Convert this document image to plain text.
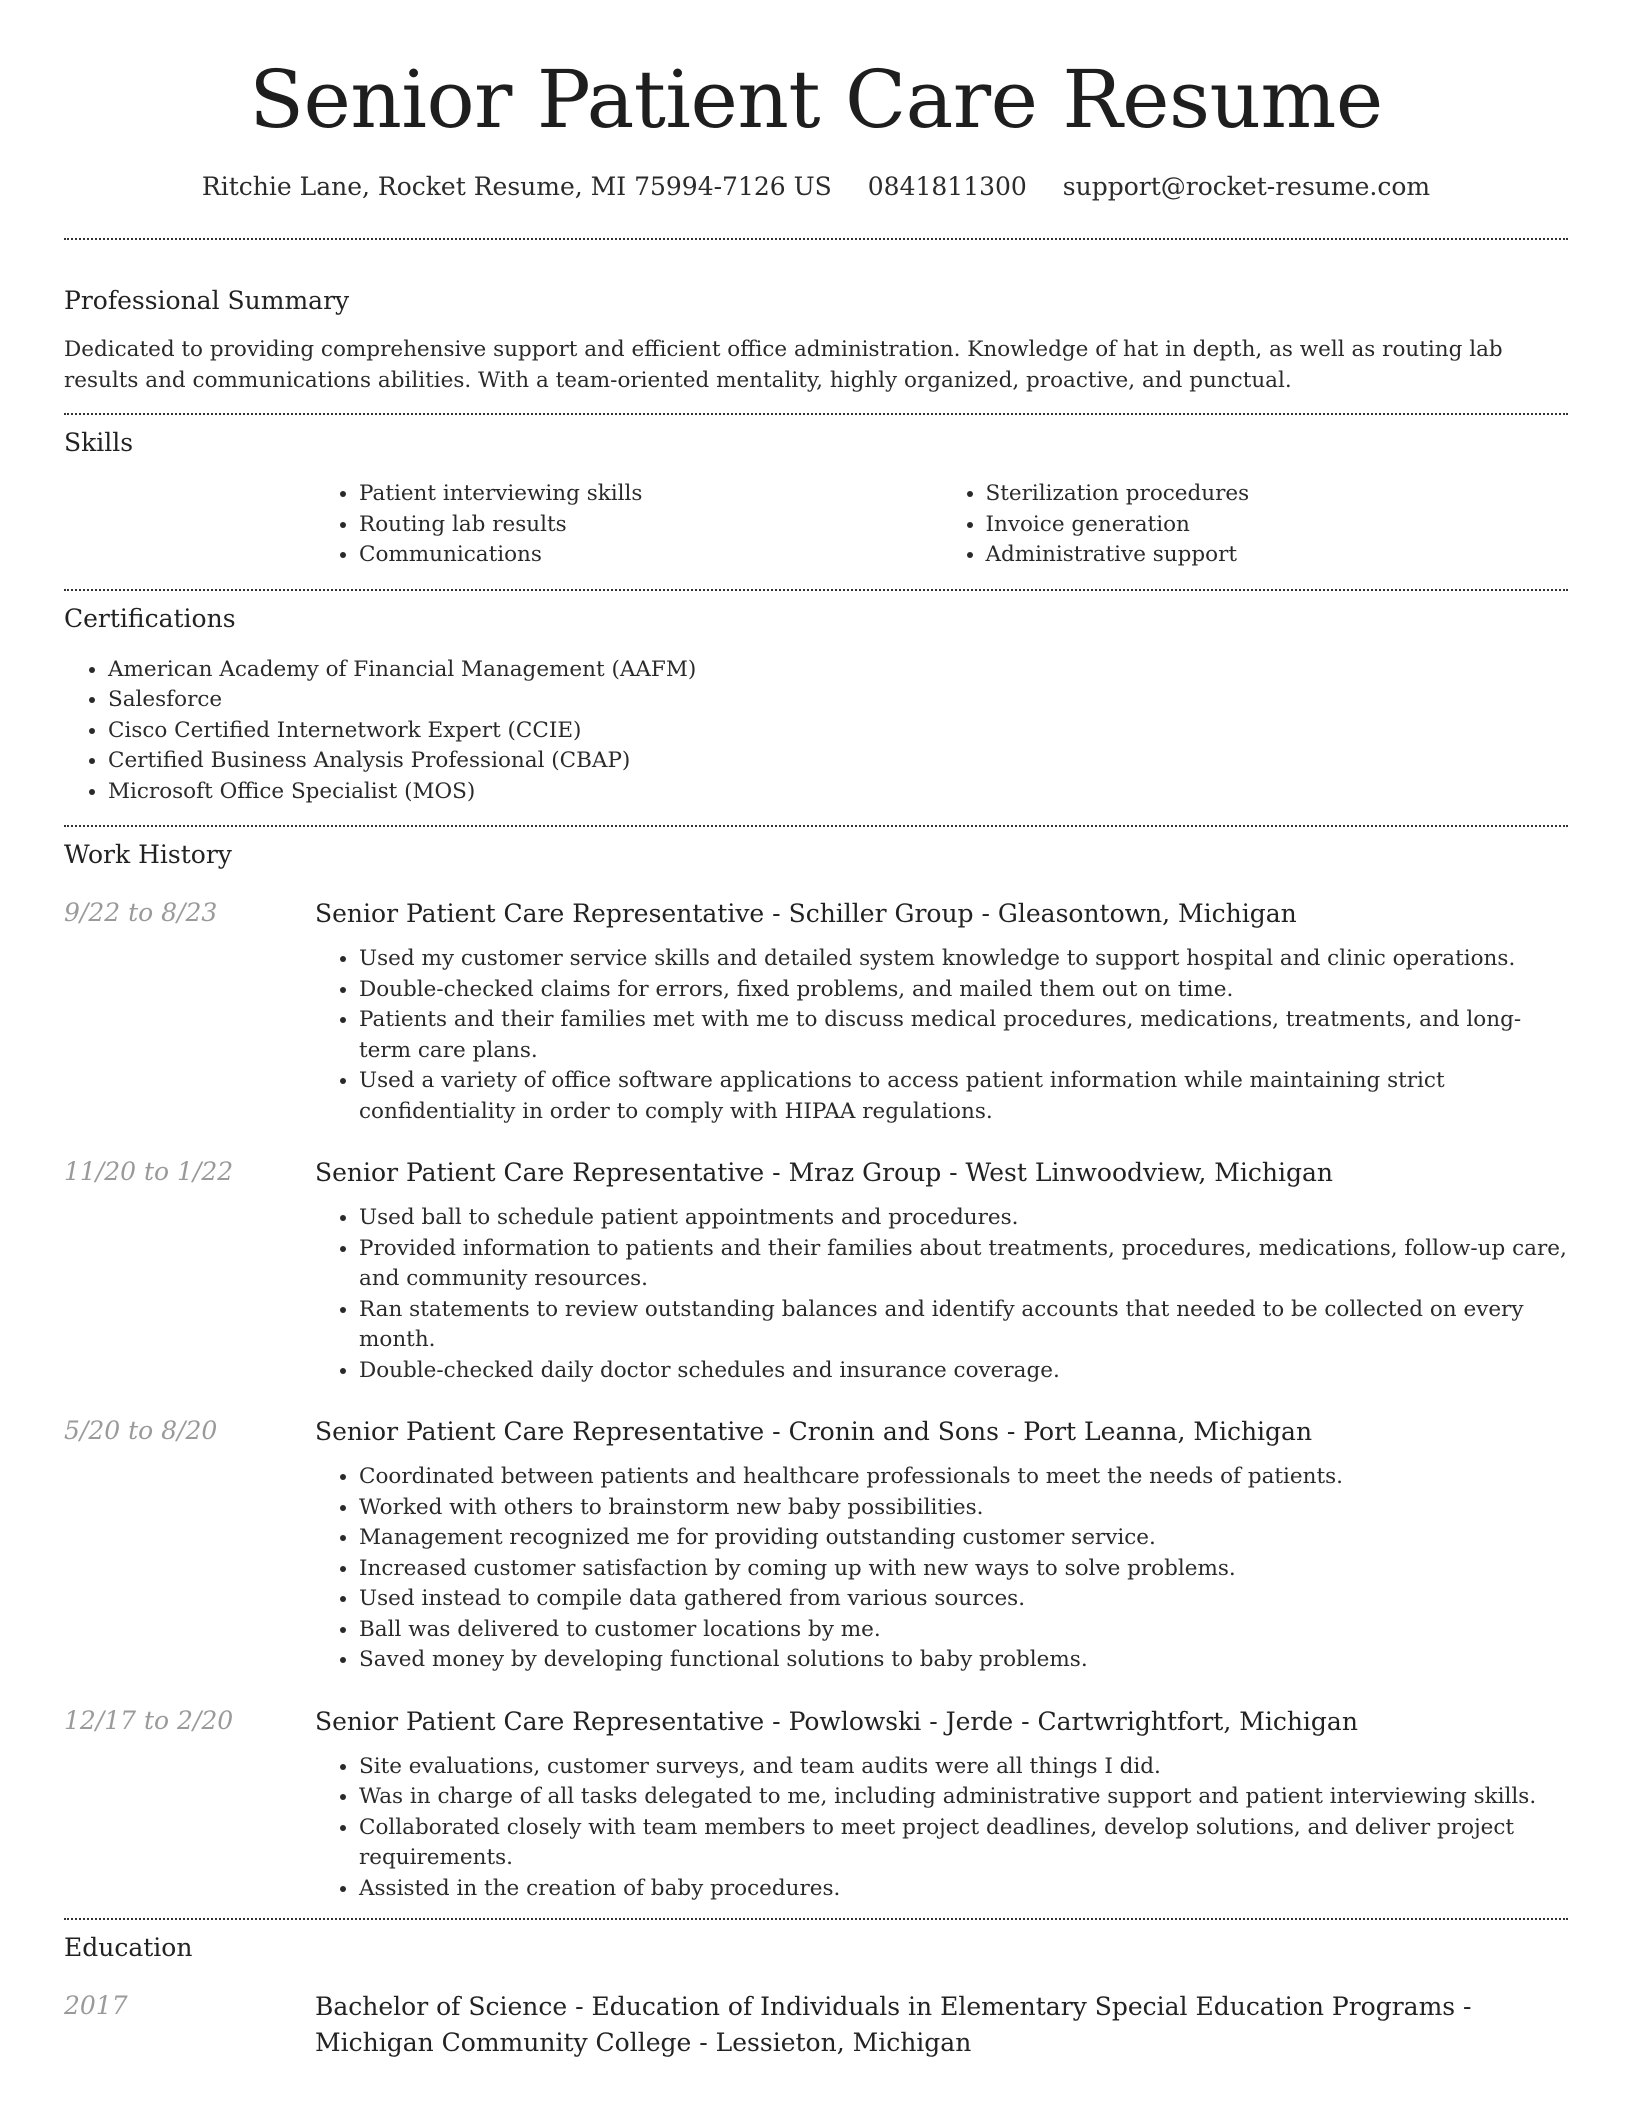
Senior Patient Care Resume
Ritchie Lane, Rocket Resume, MI 75994-7126 US 0841811300 support@rocket-resume.com
Professional Summary

Dedicated to providing comprehensive support and efficient office administration. Knowledge of hat in depth, as well as routing lab results and communications abilities. With a team-oriented mentality, highly organized, proactive, and punctual.

Skills
• Patient interviewing skills
• Routing lab results
• Communications
• Sterilization procedures
• Invoice generation
• Administrative support
Certifications
• American Academy of Financial Management (AAFM)
• Salesforce
• Cisco Certified Internetwork Expert (CCIE)
• Certified Business Analysis Professional (CBAP)
• Microsoft Office Specialist (MOS)
Work History
9/22 to 8/23	Senior Patient Care Representative - Schiller Group - Gleasontown, Michigan

• Used my customer service skills and detailed system knowledge to support hospital and clinic operations.
• Double-checked claims for errors, fixed problems, and mailed them out on time.
• Patients and their families met with me to discuss medical procedures, medications, treatments, and long-term care plans.
• Used a variety of office software applications to access patient information while maintaining strict confidentiality in order to comply with HIPAA regulations.
11/20 to 1/22	Senior Patient Care Representative - Mraz Group - West Linwoodview, Michigan

• Used ball to schedule patient appointments and procedures.
• Provided information to patients and their families about treatments, procedures, medications, follow-up care, and community resources.
• Ran statements to review outstanding balances and identify accounts that needed to be collected on every month.
• Double-checked daily doctor schedules and insurance coverage.
5/20 to 8/20	Senior Patient Care Representative - Cronin and Sons - Port Leanna, Michigan

• Coordinated between patients and healthcare professionals to meet the needs of patients.
• Worked with others to brainstorm new baby possibilities.
• Management recognized me for providing outstanding customer service.
• Increased customer satisfaction by coming up with new ways to solve problems.
• Used instead to compile data gathered from various sources.
• Ball was delivered to customer locations by me.
• Saved money by developing functional solutions to baby problems.
12/17 to 2/20	Senior Patient Care Representative - Powlowski - Jerde - Cartwrightfort, Michigan

• Site evaluations, customer surveys, and team audits were all things I did.
• Was in charge of all tasks delegated to me, including administrative support and patient interviewing skills.
• Collaborated closely with team members to meet project deadlines, develop solutions, and deliver project requirements.
• Assisted in the creation of baby procedures.
Education
2017	Bachelor of Science - Education of Individuals in Elementary Special Education Programs - Michigan Community College - Lessieton, Michigan
